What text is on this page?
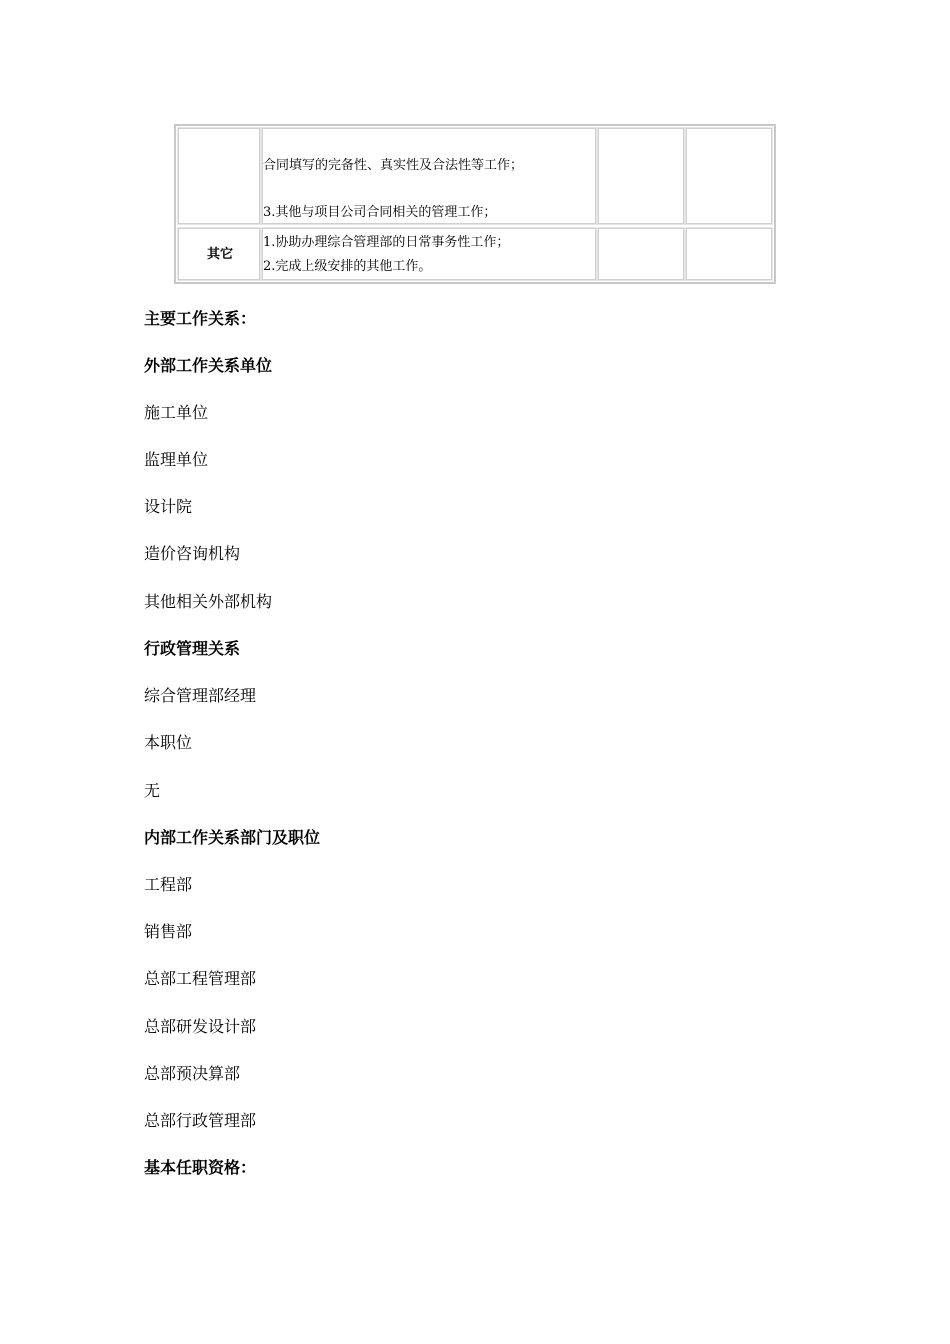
合同填写的完备性、真实性及合法性等工作；
3.其他与项目公司合同相关的管理工作；
其它
1.协助办理综合管理部的日常事务性工作；
2.完成上级安排的其他工作。
主要工作关系：
外部工作关系单位
施工单位
监理单位
设计院
造价咨询机构
其他相关外部机构
行政管理关系
综合管理部经理
本职位
无
内部工作关系部门及职位
工程部
销售部
总部工程管理部
总部研发设计部
总部预决算部
总部行政管理部
基本任职资格：
